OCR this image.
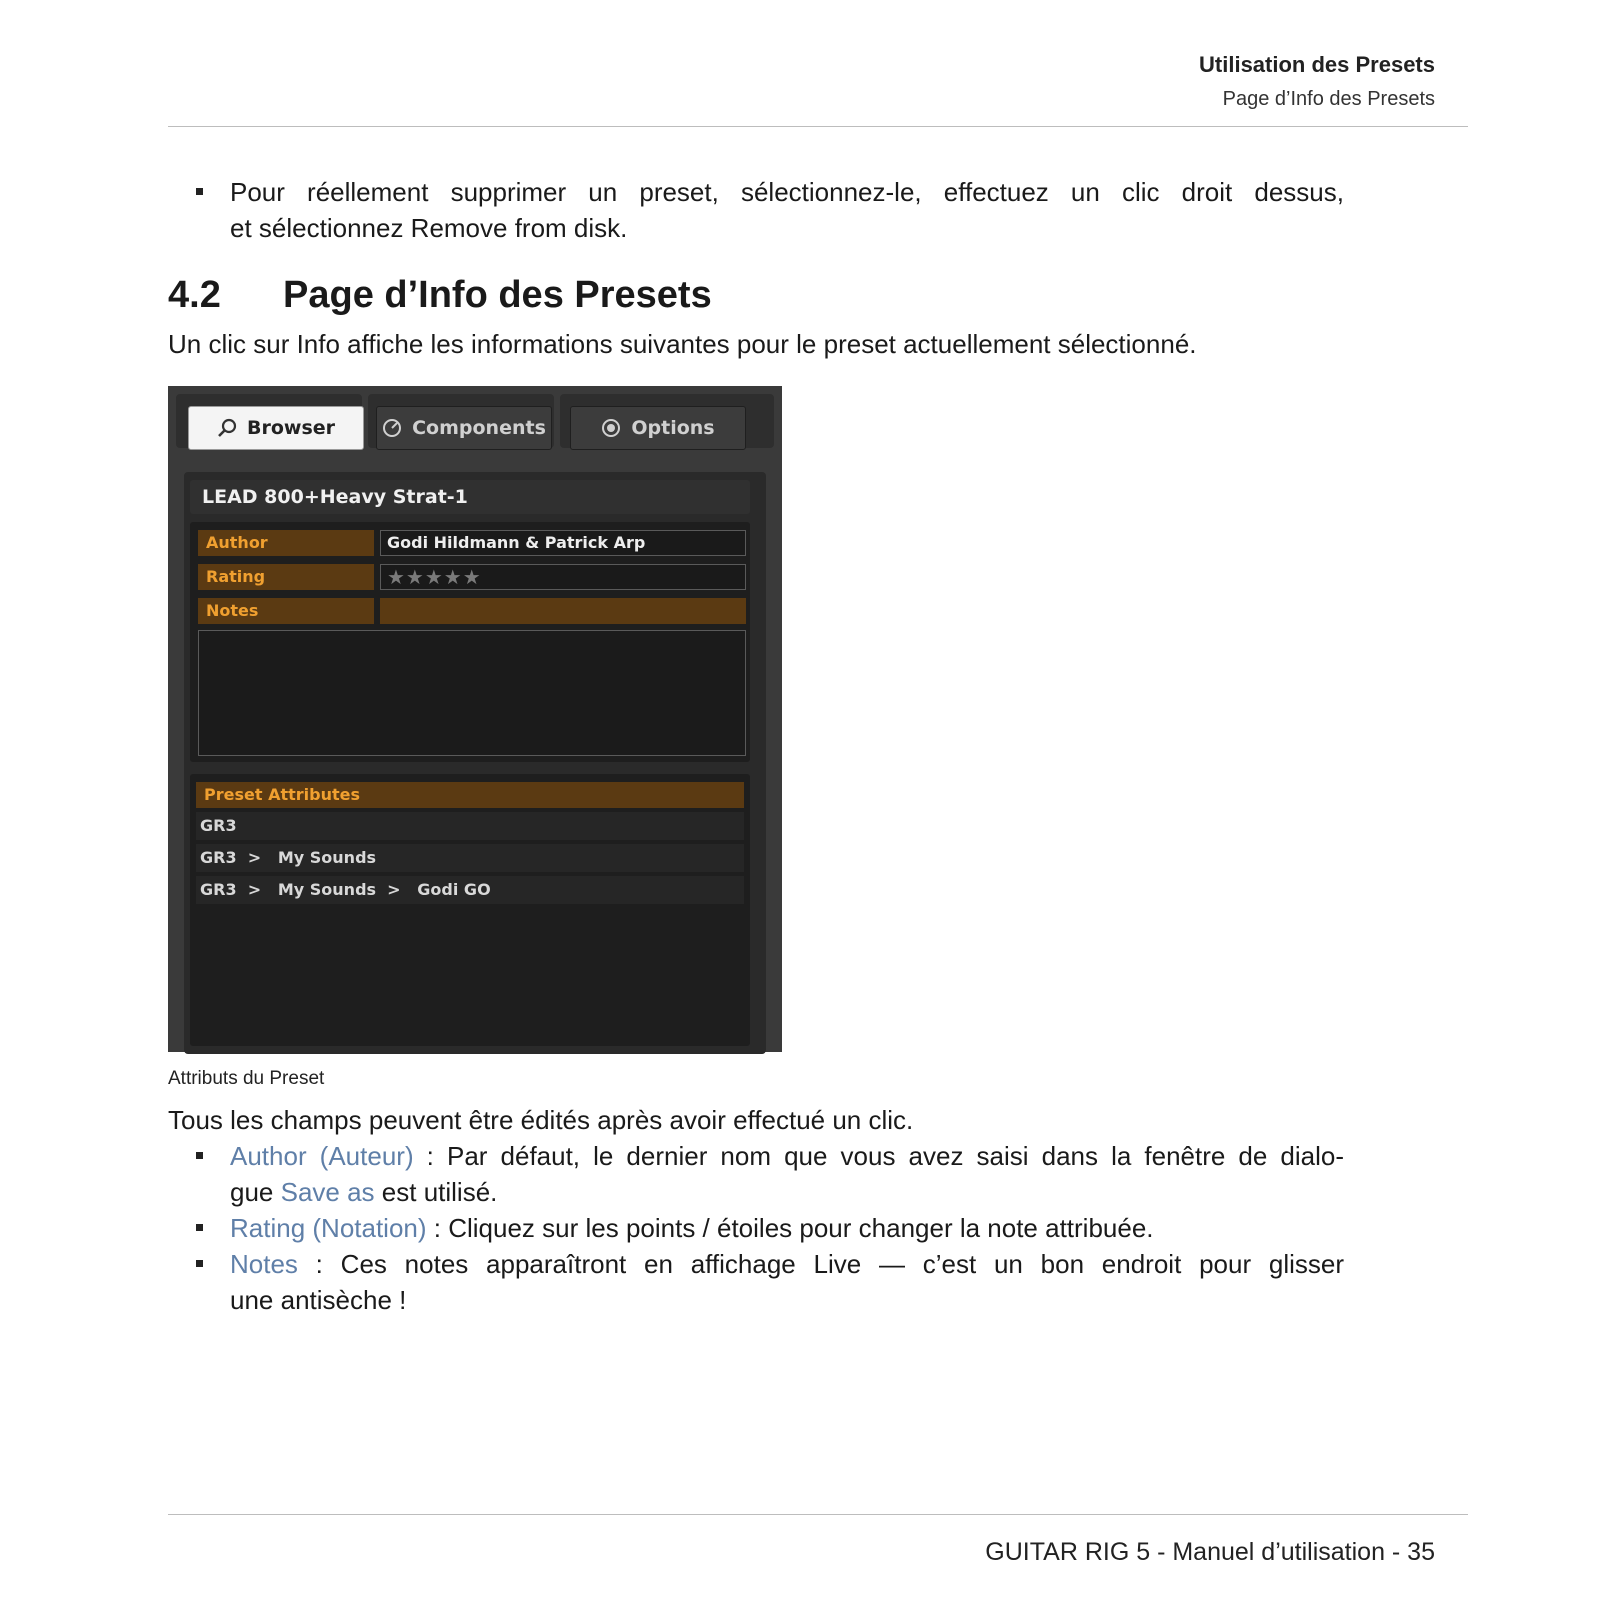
Utilisation des Presets
Page d’Info des Presets
Pour réellement supprimer un preset, sélectionnez-le, effectuez un clic droit dessus,
et sélectionnez Remove from disk.
4.2 Page d’Info des Presets
Un clic sur Info affiche les informations suivantes pour le preset actuellement sélectionné.
Browser	Components	Options
LEAD 800+Heavy Strat-1
Author	Godi Hildmann & Patrick Arp
Rating	★★★★★
Notes
Preset Attributes
GR3
GR3  >   My Sounds
GR3  >   My Sounds  >   Godi GO
Attributs du Preset
Tous les champs peuvent être édités après avoir effectué un clic.
Author (Auteur) : Par défaut, le dernier nom que vous avez saisi dans la fenêtre de dialo-
gue Save as est utilisé.
Rating (Notation) : Cliquez sur les points / étoiles pour changer la note attribuée.
Notes : Ces notes apparaîtront en affichage Live — c’est un bon endroit pour glisser
une antisèche !
GUITAR RIG 5 - Manuel d’utilisation - 35
